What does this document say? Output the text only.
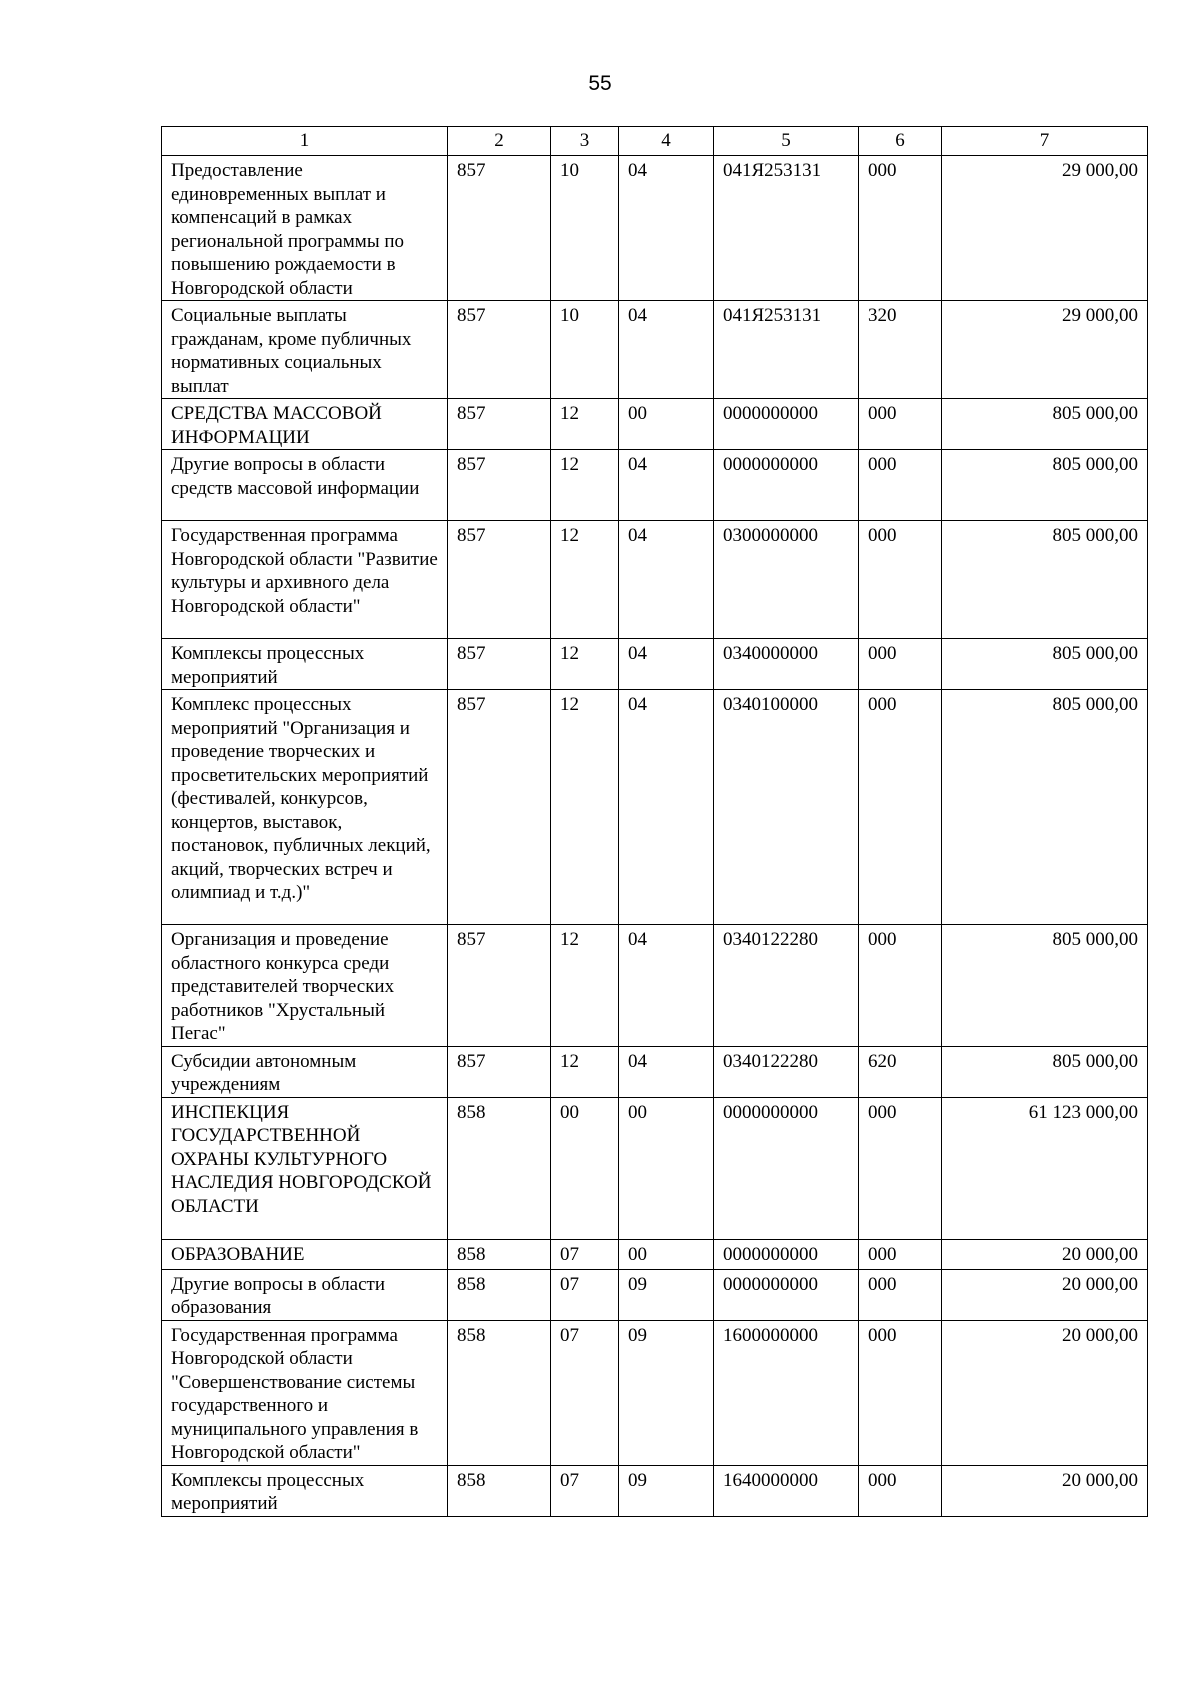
55
1	2	3	4	5	6	7
Предоставление единовременных выплат и компенсаций в рамках региональной программы по повышению рождаемости в Новгородской области	857	10	04	041Я253131	000	29 000,00
Социальные выплаты гражданам, кроме публичных нормативных социальных выплат	857	10	04	041Я253131	320	29 000,00
СРЕДСТВА МАССОВОЙ ИНФОРМАЦИИ	857	12	00	0000000000	000	805 000,00
Другие вопросы в области средств массовой информации	857	12	04	0000000000	000	805 000,00
Государственная программа Новгородской области "Развитие культуры и архивного дела Новгородской области"	857	12	04	0300000000	000	805 000,00
Комплексы процессных мероприятий	857	12	04	0340000000	000	805 000,00
Комплекс процессных мероприятий "Организация и проведение творческих и просветительских мероприятий (фестивалей, конкурсов, концертов, выставок, постановок, публичных лекций, акций, творческих встреч и олимпиад и т.д.)"	857	12	04	0340100000	000	805 000,00
Организация и проведение областного конкурса среди представителей творческих работников "Хрустальный Пегас"	857	12	04	0340122280	000	805 000,00
Субсидии автономным учреждениям	857	12	04	0340122280	620	805 000,00
ИНСПЕКЦИЯ ГОСУДАРСТВЕННОЙ ОХРАНЫ КУЛЬТУРНОГО НАСЛЕДИЯ НОВГОРОДСКОЙ ОБЛАСТИ	858	00	00	0000000000	000	61 123 000,00
ОБРАЗОВАНИЕ	858	07	00	0000000000	000	20 000,00
Другие вопросы в области образования	858	07	09	0000000000	000	20 000,00
Государственная программа Новгородской области "Совершенствование системы государственного и муниципального управления в Новгородской области"	858	07	09	1600000000	000	20 000,00
Комплексы процессных мероприятий	858	07	09	1640000000	000	20 000,00
